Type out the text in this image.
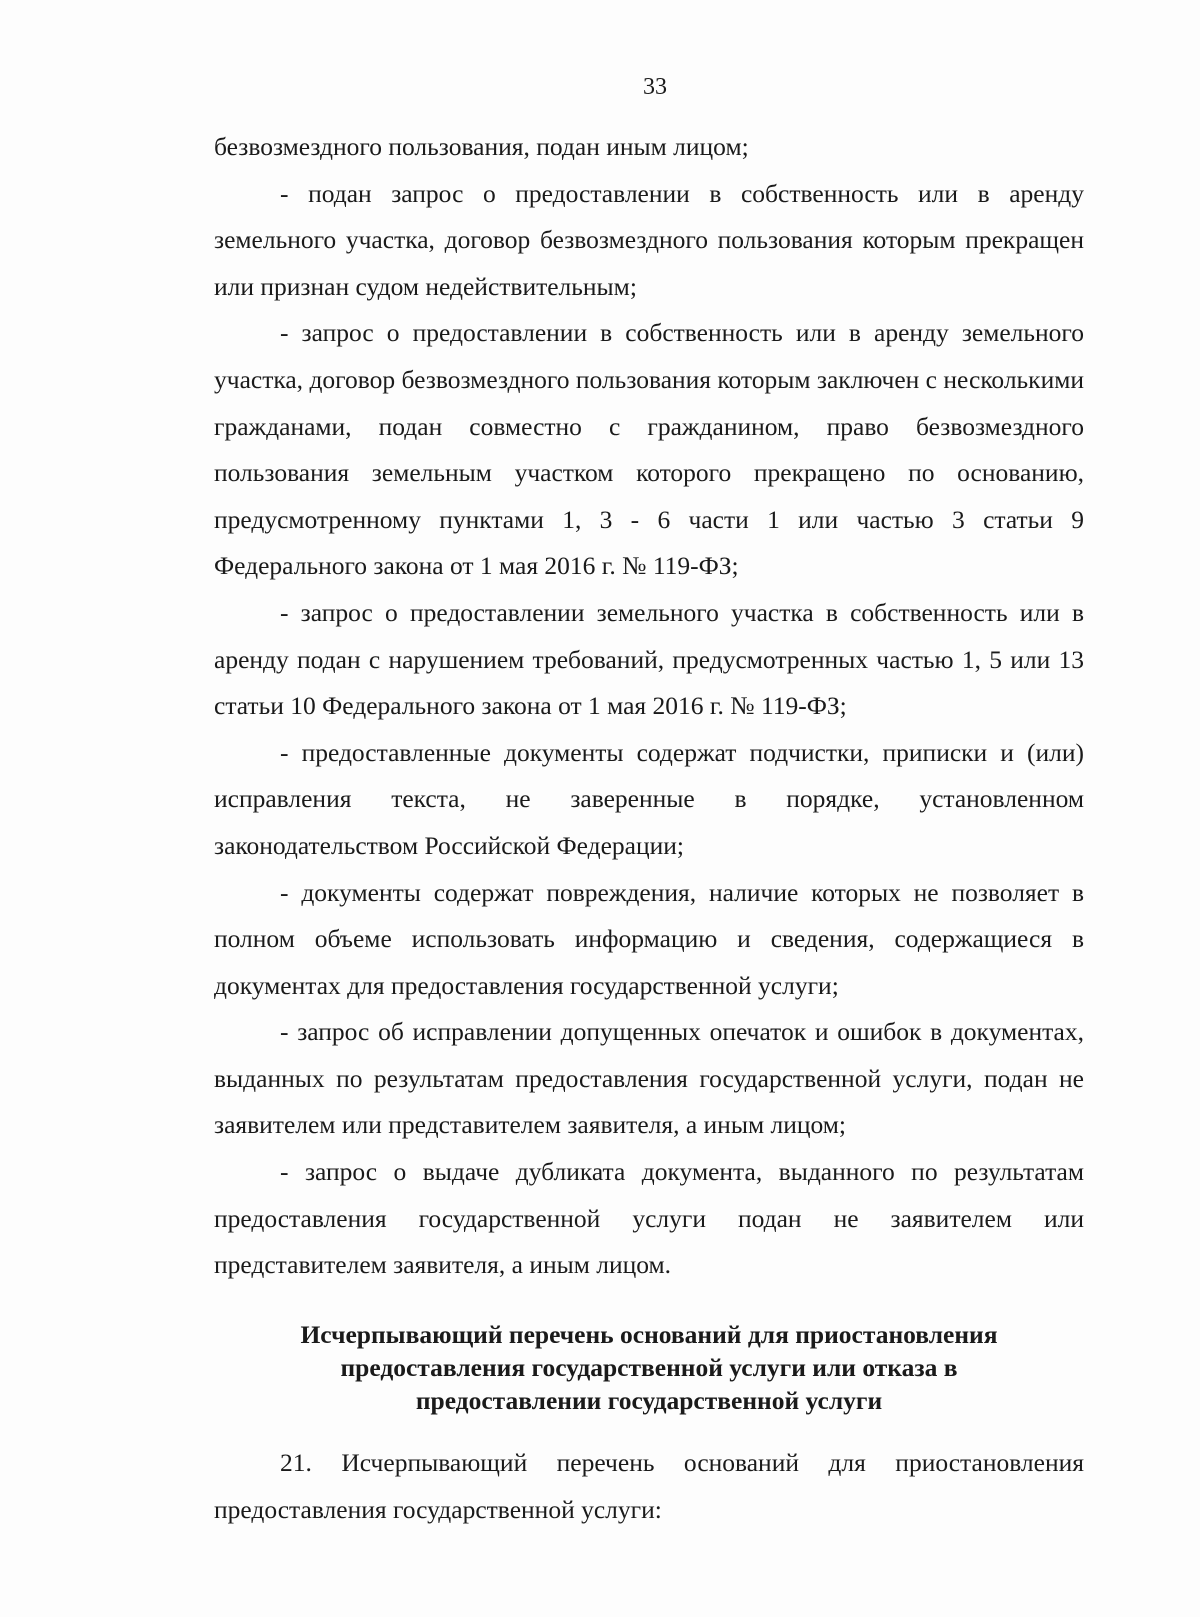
33

безвозмездного пользования, подан иным лицом;

- подан запрос о предоставлении в собственность или в аренду земельного участка, договор безвозмездного пользования которым прекращен или признан судом недействительным;

- запрос о предоставлении в собственность или в аренду земельного участка, договор безвозмездного пользования которым заключен с несколькими гражданами, подан совместно с гражданином, право безвозмездного пользования земельным участком которого прекращено по основанию, предусмотренному пунктами 1, 3 - 6 части 1 или частью 3 статьи 9 Федерального закона от 1 мая 2016 г. № 119-ФЗ;

- запрос о предоставлении земельного участка в собственность или в аренду подан с нарушением требований, предусмотренных частью 1, 5 или 13 статьи 10 Федерального закона от 1 мая 2016 г. № 119-ФЗ;

- предоставленные документы содержат подчистки, приписки и (или) исправления текста, не заверенные в порядке, установленном законодательством Российской Федерации;

- документы содержат повреждения, наличие которых не позволяет в полном объеме использовать информацию и сведения, содержащиеся в документах для предоставления государственной услуги;

- запрос об исправлении допущенных опечаток и ошибок в документах, выданных по результатам предоставления государственной услуги, подан не заявителем или представителем заявителя, а иным лицом;

- запрос о выдаче дубликата документа, выданного по результатам предоставления государственной услуги подан не заявителем или представителем заявителя, а иным лицом.

Исчерпывающий перечень оснований для приостановления
предоставления государственной услуги или отказа в
предоставлении государственной услуги

21. Исчерпывающий перечень оснований для приостановления предоставления государственной услуги:
